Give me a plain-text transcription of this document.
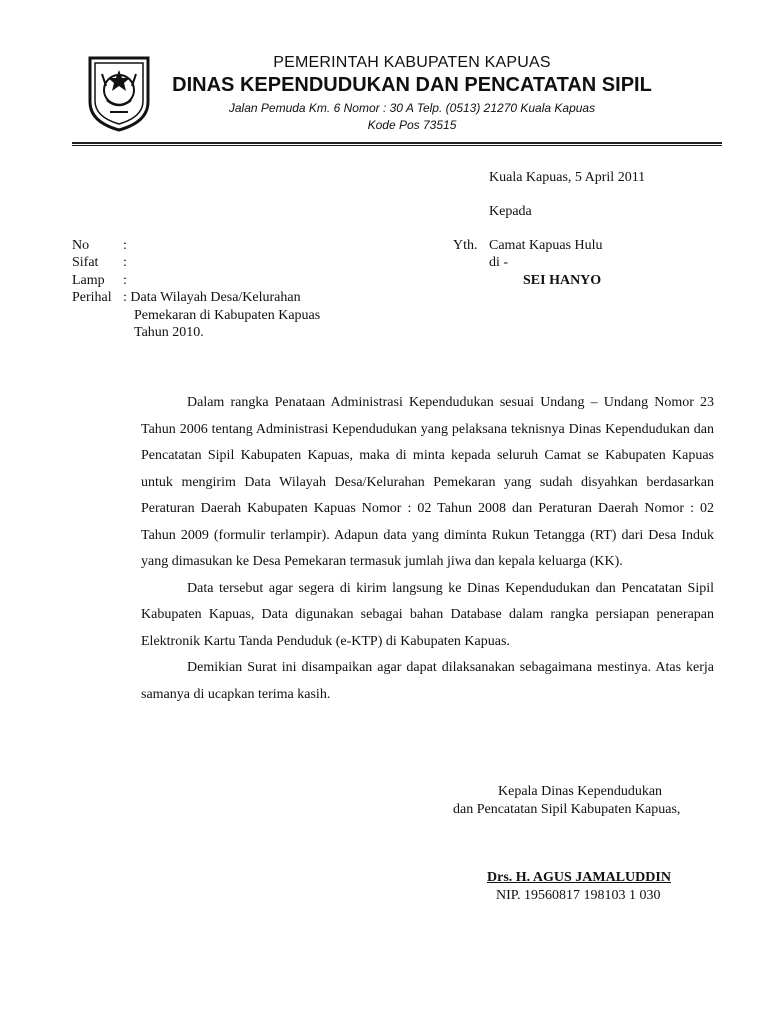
PEMERINTAH KABUPATEN KAPUAS
DINAS KEPENDUDUKAN DAN PENCATATAN SIPIL
Jalan Pemuda Km. 6 Nomor : 30 A Telp. (0513) 21270 Kuala Kapuas
Kode Pos 73515
Kuala Kapuas, 5 April 2011
Kepada
No :
Sifat :
Lamp :
Perihal : Data Wilayah Desa/Kelurahan
Pemekaran di Kabupaten Kapuas
Tahun 2010.
Yth. Camat Kapuas Hulu
di -
SEI HANYO

Dalam rangka Penataan Administrasi Kependudukan sesuai Undang – Undang Nomor 23 Tahun 2006 tentang Administrasi Kependudukan yang pelaksana teknisnya Dinas Kependudukan dan Pencatatan Sipil Kabupaten Kapuas, maka di minta kepada seluruh Camat se Kabupaten Kapuas untuk mengirim Data Wilayah Desa/Kelurahan Pemekaran yang sudah disyahkan berdasarkan Peraturan Daerah Kabupaten Kapuas Nomor : 02 Tahun 2008 dan Peraturan Daerah Nomor : 02 Tahun 2009 (formulir terlampir). Adapun data yang diminta Rukun Tetangga (RT) dari Desa Induk yang dimasukan ke Desa Pemekaran termasuk jumlah jiwa dan kepala keluarga (KK).

Data tersebut agar segera di kirim langsung ke Dinas Kependudukan dan Pencatatan Sipil Kabupaten Kapuas, Data digunakan sebagai bahan Database dalam rangka persiapan penerapan Elektronik Kartu Tanda Penduduk (e-KTP) di Kabupaten Kapuas.

Demikian Surat ini disampaikan agar dapat dilaksanakan sebagaimana mestinya. Atas kerja samanya di ucapkan terima kasih.

Kepala Dinas Kependudukan
dan Pencatatan Sipil Kabupaten Kapuas,
Drs. H. AGUS JAMALUDDIN
NIP. 19560817 198103 1 030
